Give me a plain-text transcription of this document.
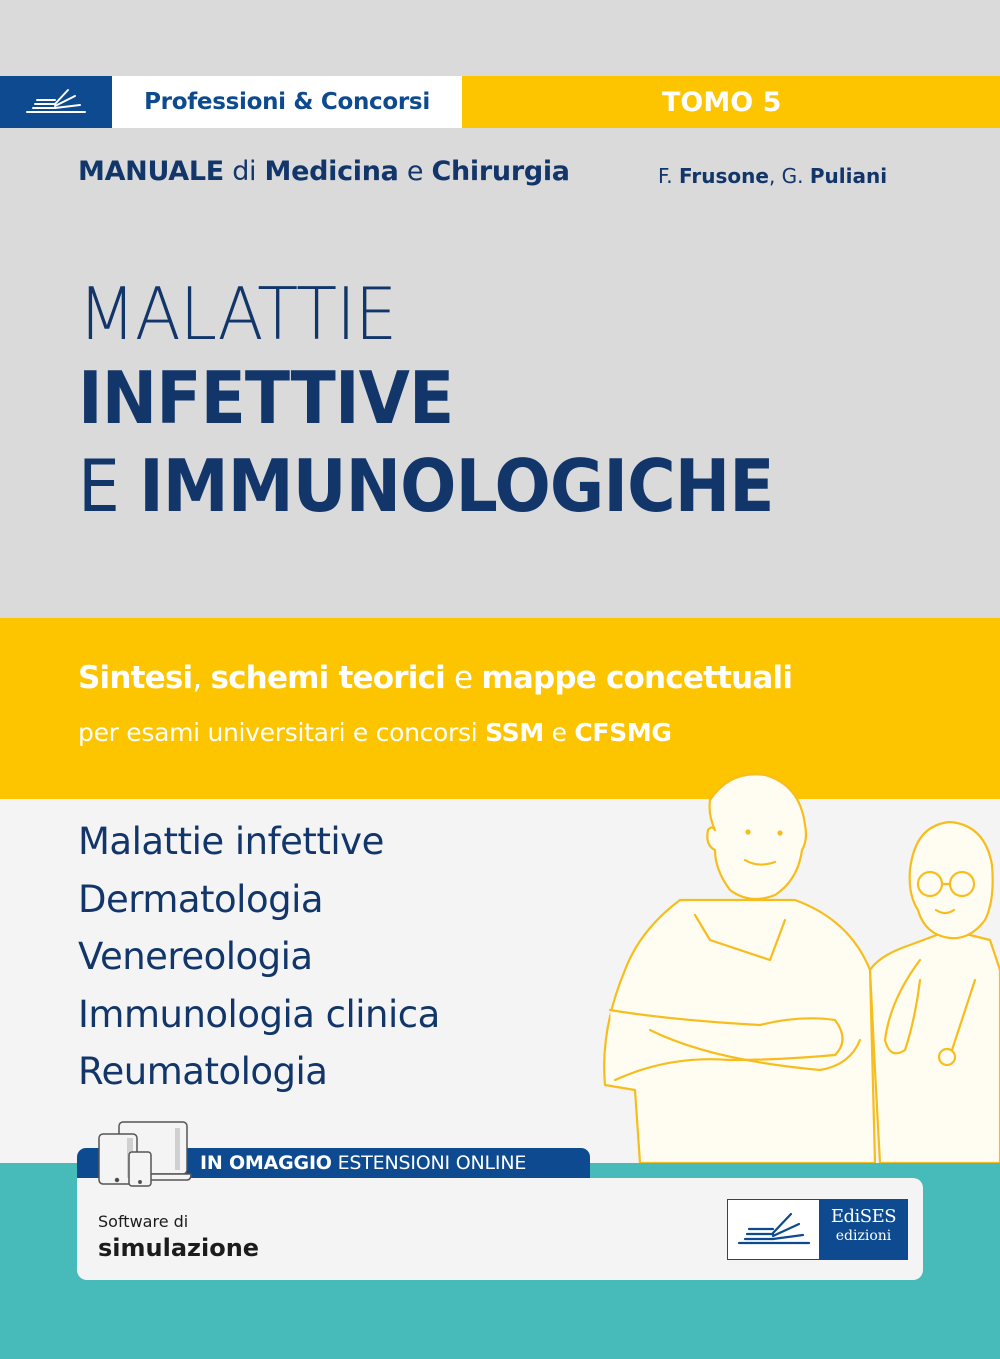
Professioni & Concorsi	TOMO 5
MANUALE di Medicina e Chirurgia	F. Frusone, G. Puliani
MALATTIE
INFETTIVE
E IMMUNOLOGICHE
Sintesi, schemi teorici e mappe concettuali
per esami universitari e concorsi SSM e CFSMG
Malattie infettive
Dermatologia
Venereologia
Immunologia clinica
Reumatologia
IN OMAGGIO ESTENSIONI ONLINE
Software di
simulazione
EdiSES
edizioni
